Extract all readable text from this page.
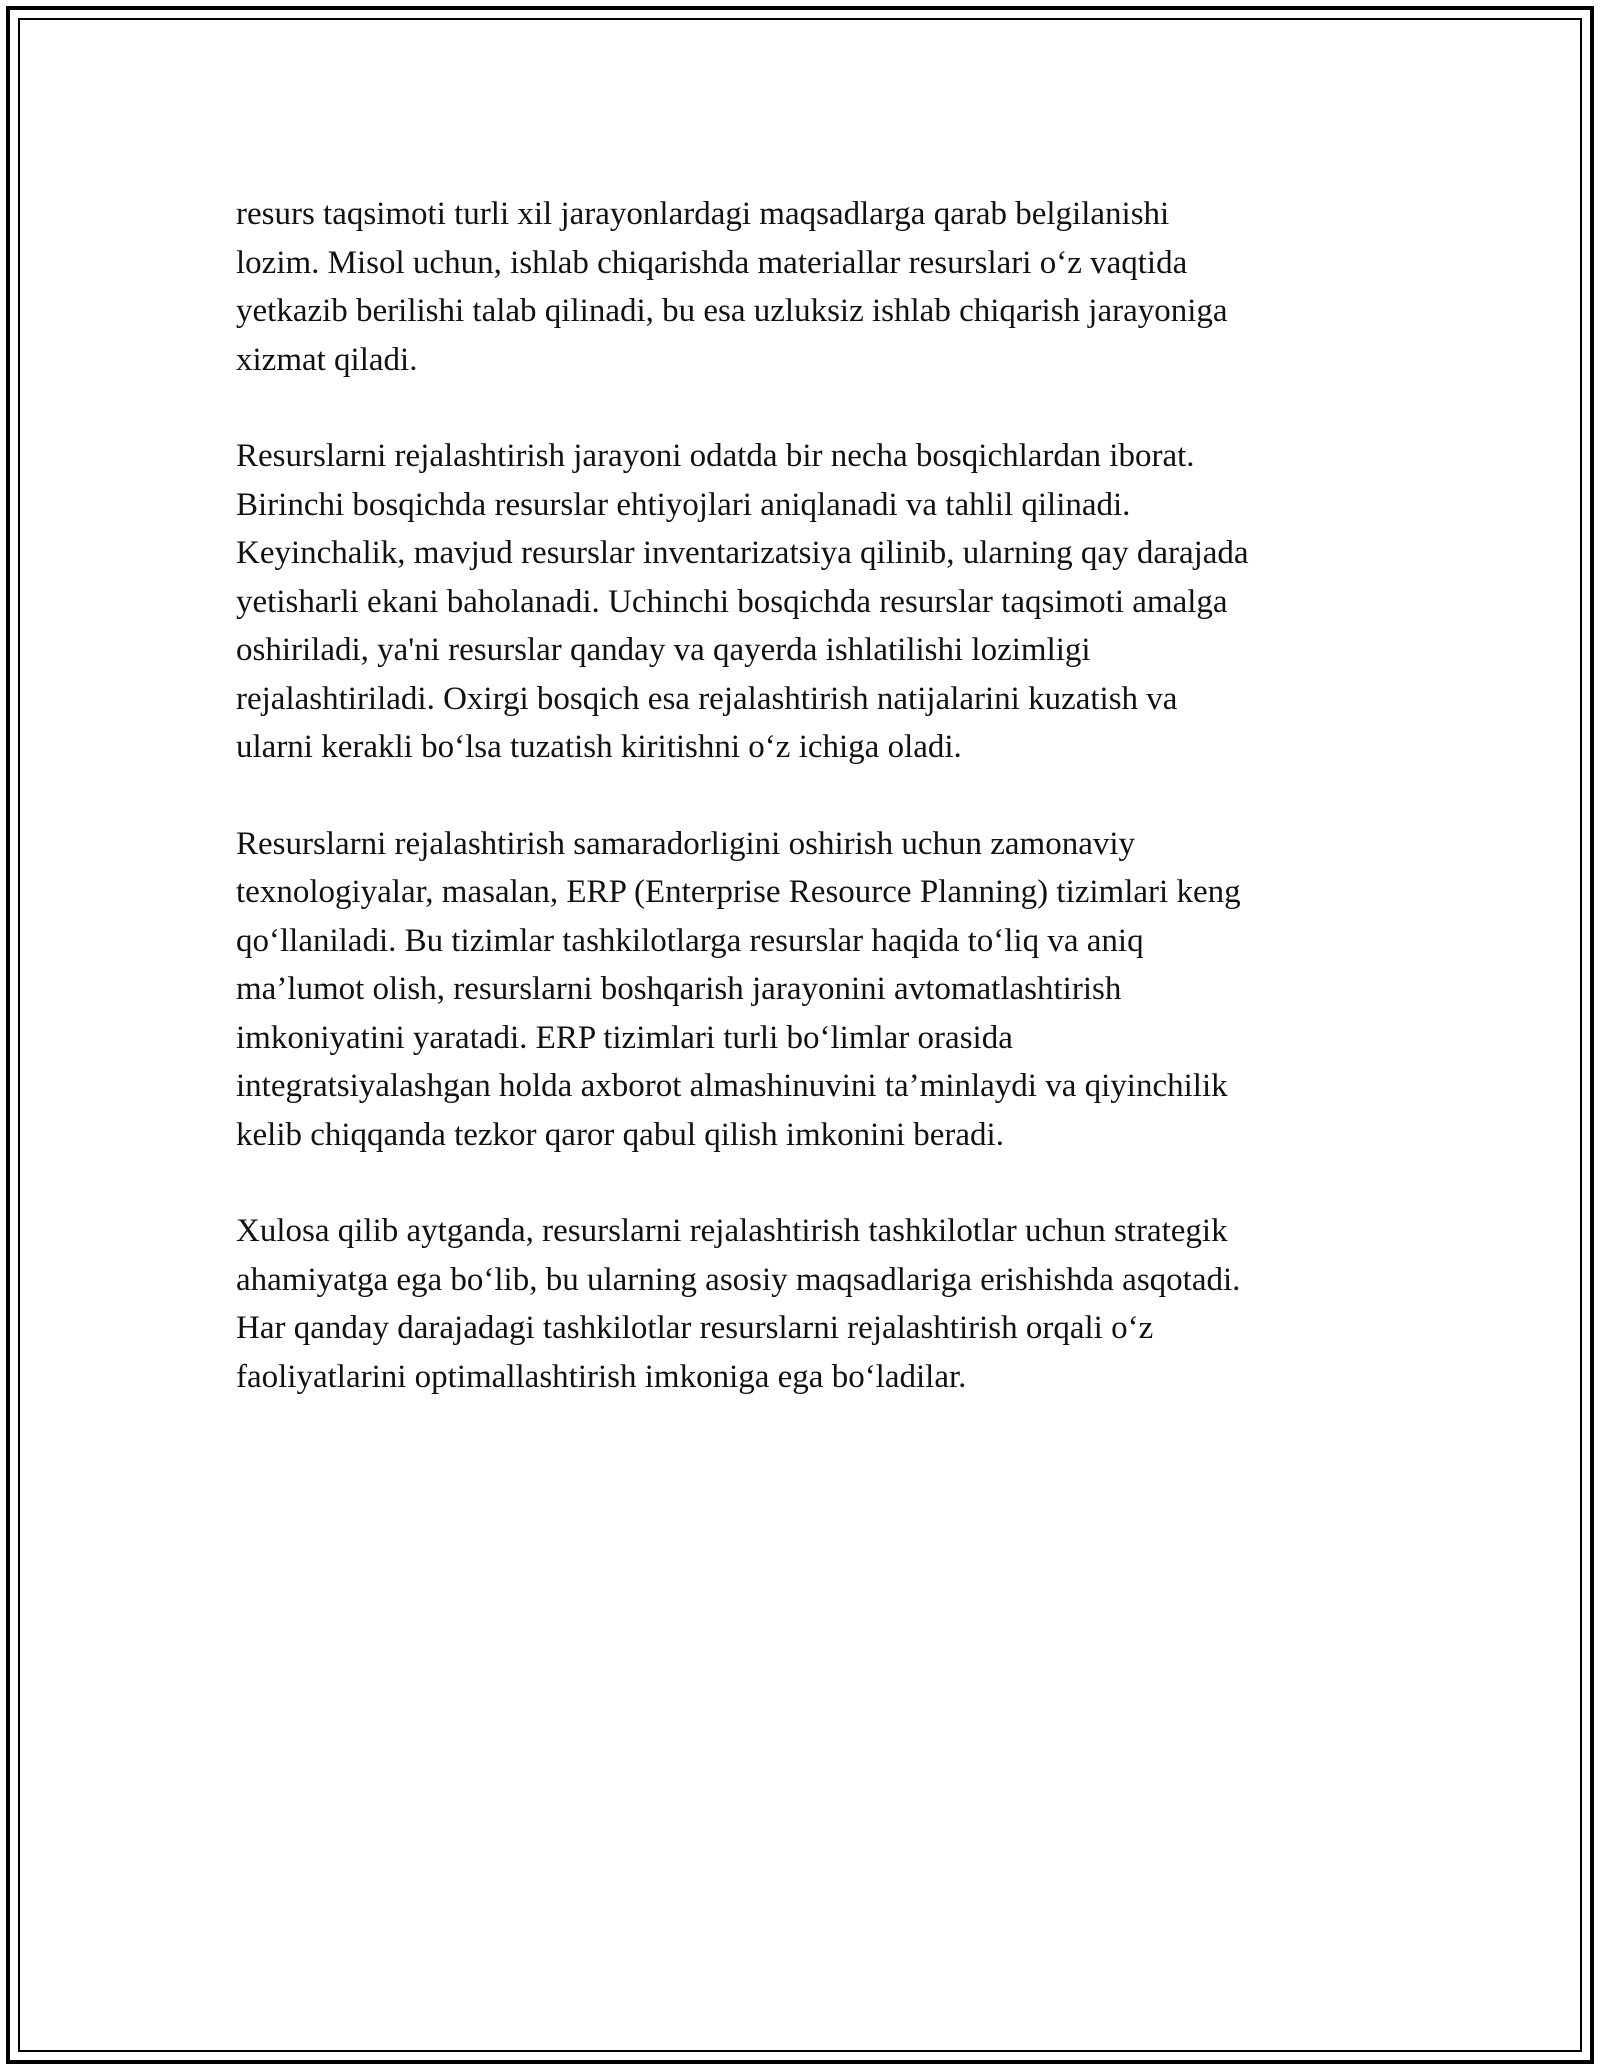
resurs taqsimoti turli xil jarayonlardagi maqsadlarga qarab belgilanishi
lozim. Misol uchun, ishlab chiqarishda materiallar resurslari o‘z vaqtida
yetkazib berilishi talab qilinadi, bu esa uzluksiz ishlab chiqarish jarayoniga
xizmat qiladi.

Resurslarni rejalashtirish jarayoni odatda bir necha bosqichlardan iborat.
Birinchi bosqichda resurslar ehtiyojlari aniqlanadi va tahlil qilinadi.
Keyinchalik, mavjud resurslar inventarizatsiya qilinib, ularning qay darajada
yetisharli ekani baholanadi. Uchinchi bosqichda resurslar taqsimoti amalga
oshiriladi, ya'ni resurslar qanday va qayerda ishlatilishi lozimligi
rejalashtiriladi. Oxirgi bosqich esa rejalashtirish natijalarini kuzatish va
ularni kerakli bo‘lsa tuzatish kiritishni o‘z ichiga oladi.

Resurslarni rejalashtirish samaradorligini oshirish uchun zamonaviy
texnologiyalar, masalan, ERP (Enterprise Resource Planning) tizimlari keng
qo‘llaniladi. Bu tizimlar tashkilotlarga resurslar haqida to‘liq va aniq
ma’lumot olish, resurslarni boshqarish jarayonini avtomatlashtirish
imkoniyatini yaratadi. ERP tizimlari turli bo‘limlar orasida
integratsiyalashgan holda axborot almashinuvini ta’minlaydi va qiyinchilik
kelib chiqqanda tezkor qaror qabul qilish imkonini beradi.

Xulosa qilib aytganda, resurslarni rejalashtirish tashkilotlar uchun strategik
ahamiyatga ega bo‘lib, bu ularning asosiy maqsadlariga erishishda asqotadi.
Har qanday darajadagi tashkilotlar resurslarni rejalashtirish orqali o‘z
faoliyatlarini optimallashtirish imkoniga ega bo‘ladilar.
